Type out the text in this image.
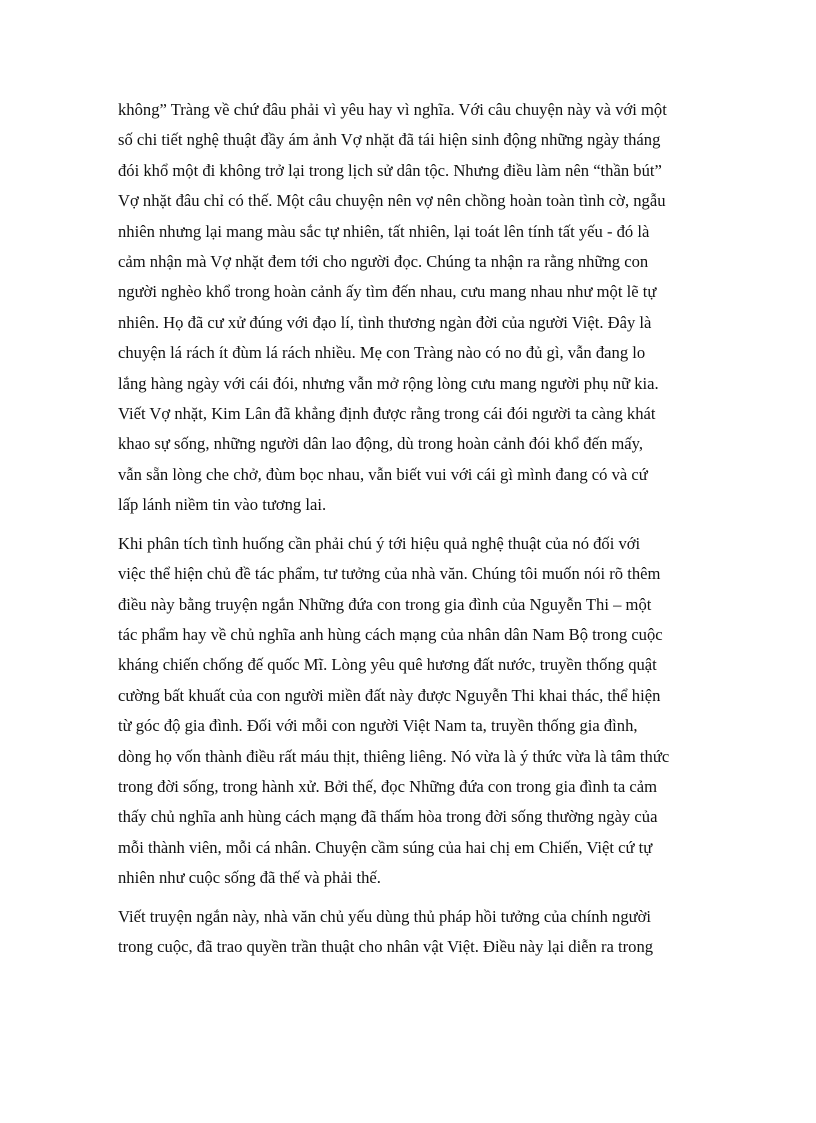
không” Tràng về chứ đâu phải vì yêu hay vì nghĩa. Với câu chuyện này và với một
số chi tiết nghệ thuật đầy ám ảnh Vợ nhặt đã tái hiện sinh động những ngày tháng
đói khổ một đi không trở lại trong lịch sử dân tộc. Nhưng điều làm nên “thần bút”
Vợ nhặt đâu chỉ có thế. Một câu chuyện nên vợ nên chồng hoàn toàn tình cờ, ngẫu
nhiên nhưng lại mang màu sắc tự nhiên, tất nhiên, lại toát lên tính tất yếu - đó là
cảm nhận mà Vợ nhặt đem tới cho người đọc. Chúng ta nhận ra rằng những con
người nghèo khổ trong hoàn cảnh ấy tìm đến nhau, cưu mang nhau như một lẽ tự
nhiên. Họ đã cư xử đúng với đạo lí, tình thương ngàn đời của người Việt. Đây là
chuyện lá rách ít đùm lá rách nhiều. Mẹ con Tràng nào có no đủ gì, vẫn đang lo
lắng hàng ngày với cái đói, nhưng vẫn mở rộng lòng cưu mang người phụ nữ kia.
Viết Vợ nhặt, Kim Lân đã khẳng định được rằng trong cái đói người ta càng khát
khao sự sống, những người dân lao động, dù trong hoàn cảnh đói khổ đến mấy,
vẫn sẵn lòng che chở, đùm bọc nhau, vẫn biết vui với cái gì mình đang có và cứ
lấp lánh niềm tin vào tương lai.

Khi phân tích tình huống cần phải chú ý tới hiệu quả nghệ thuật của nó đối với
việc thể hiện chủ đề tác phẩm, tư tưởng của nhà văn. Chúng tôi muốn nói rõ thêm
điều này bằng truyện ngắn Những đứa con trong gia đình của Nguyễn Thi – một
tác phẩm hay về chủ nghĩa anh hùng cách mạng của nhân dân Nam Bộ trong cuộc
kháng chiến chống đế quốc Mĩ. Lòng yêu quê hương đất nước, truyền thống quật
cường bất khuất của con người miền đất này được Nguyễn Thi khai thác, thể hiện
từ góc độ gia đình. Đối với mỗi con người Việt Nam ta, truyền thống gia đình,
dòng họ vốn thành điều rất máu thịt, thiêng liêng. Nó vừa là ý thức vừa là tâm thức
trong đời sống, trong hành xử. Bởi thế, đọc Những đứa con trong gia đình ta cảm
thấy chủ nghĩa anh hùng cách mạng đã thấm hòa trong đời sống thường ngày của
mỗi thành viên, mỗi cá nhân. Chuyện cầm súng của hai chị em Chiến, Việt cứ tự
nhiên như cuộc sống đã thế và phải thế.

Viết truyện ngắn này, nhà văn chủ yếu dùng thủ pháp hồi tưởng của chính người
trong cuộc, đã trao quyền trần thuật cho nhân vật Việt. Điều này lại diễn ra trong
